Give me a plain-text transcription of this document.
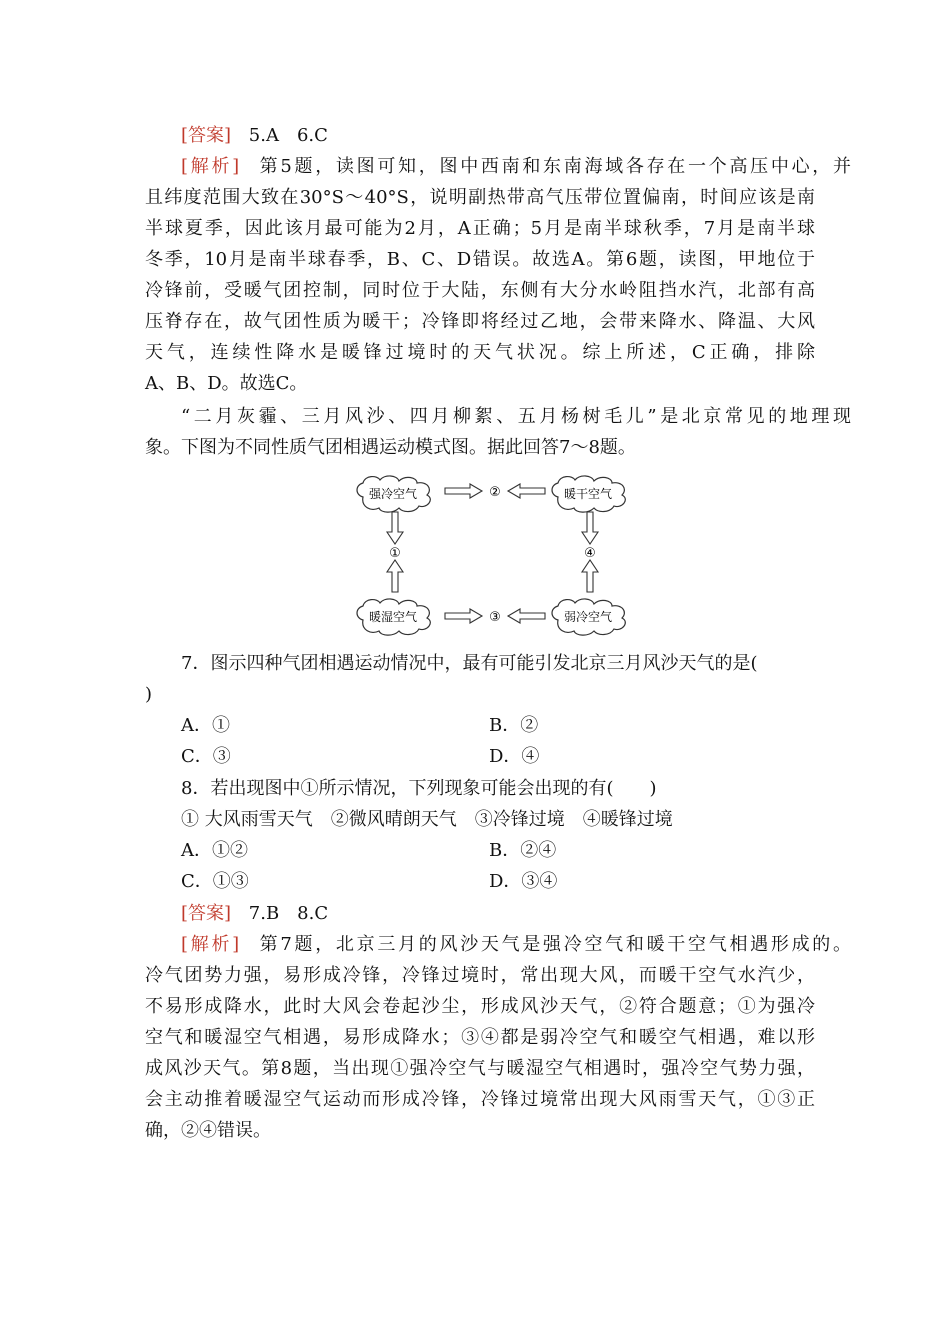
[答案] 5.A　6.C
[解析] 第5题，读图可知，图中西南和东南海域各存在一个高压中心，并
且纬度范围大致在30°S～40°S，说明副热带高气压带位置偏南，时间应该是南
半球夏季，因此该月最可能为2月，A正确；5月是南半球秋季，7月是南半球
冬季，10月是南半球春季，B、C、D错误。故选A。第6题，读图，甲地位于
冷锋前，受暖气团控制，同时位于大陆，东侧有大分水岭阻挡水汽，北部有高
压脊存在，故气团性质为暖干；冷锋即将经过乙地，会带来降水、降温、大风
天气，连续性降水是暖锋过境时的天气状况。综上所述，C正确，排除
A、B、D。故选C。
“二月灰霾、三月风沙、四月柳絮、五月杨树毛儿”是北京常见的地理现
象。下图为不同性质气团相遇运动模式图。据此回答7～8题。
强冷空气	暖干空气
暖湿空气	弱冷空气
②
③
①	④
7．图示四种气团相遇运动情况中，最有可能引发北京三月风沙天气的是(
)
A．①	B．②
C．③	D．④
8．若出现图中①所示情况，下列现象可能会出现的有(　　)
① 大风雨雪天气　②微风晴朗天气　③冷锋过境　④暖锋过境
A．①②	B．②④
C．①③	D．③④
[答案] 7.B　8.C
[解析] 第7题，北京三月的风沙天气是强冷空气和暖干空气相遇形成的。
冷气团势力强，易形成冷锋，冷锋过境时，常出现大风，而暖干空气水汽少，
不易形成降水，此时大风会卷起沙尘，形成风沙天气，②符合题意；①为强冷
空气和暖湿空气相遇，易形成降水；③④都是弱冷空气和暖空气相遇，难以形
成风沙天气。第8题，当出现①强冷空气与暖湿空气相遇时，强冷空气势力强，
会主动推着暖湿空气运动而形成冷锋，冷锋过境常出现大风雨雪天气，①③正
确，②④错误。
